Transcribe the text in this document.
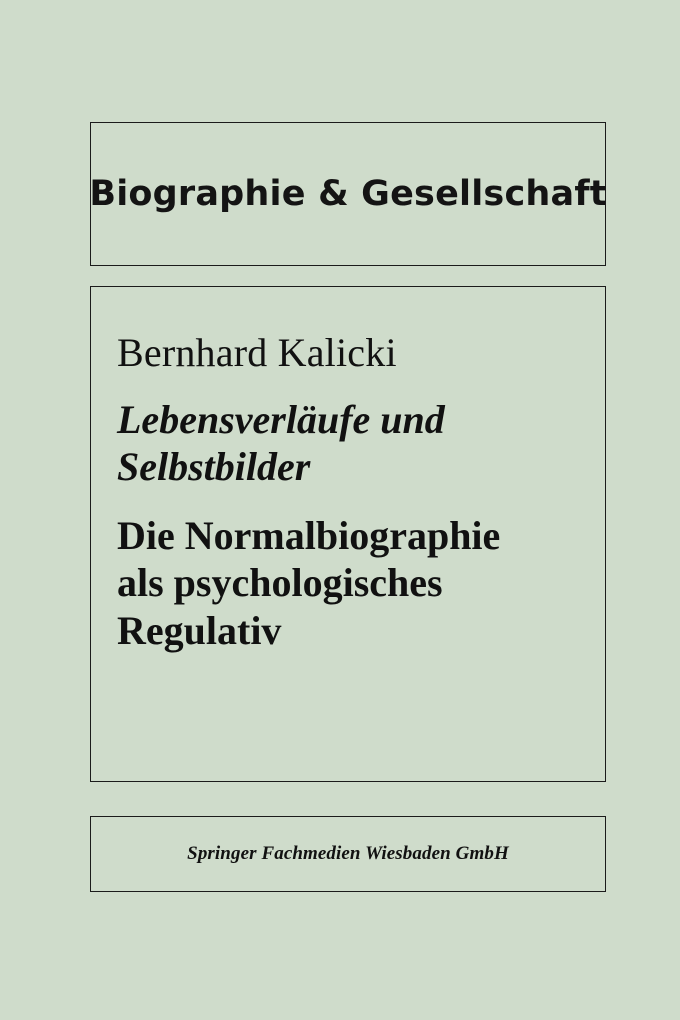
Biographie & Gesellschaft
Bernhard Kalicki
Lebensverläufe und
Selbstbilder
Die Normalbiographie
als psychologisches
Regulativ
Springer Fachmedien Wiesbaden GmbH
